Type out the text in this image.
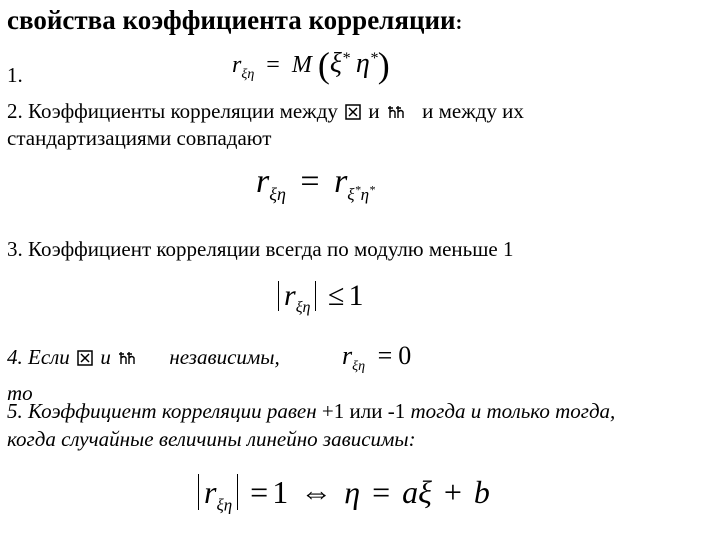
свойства коэффициента корреляции:
1.	$r_{\xi\eta} = M$ (ξ* η*)
2. Коэффициенты корреляции между и и между их
стандартизациями совпадают
$r_{\xi\eta} = r_{\xi^*\eta^*}$
3. Коэффициент корреляции всегда по модулю меньше 1
$r_{\xi\eta} \le 1$
4. Если и	независимы, $r_{\xi\eta} = 0$
то
5. Коэффициент корреляции равен +1 или -1 тогда и только тогда,
когда случайные величины линейно зависимы:
$r_{\xi\eta} = 1$ ⇔ η = aξ + b
